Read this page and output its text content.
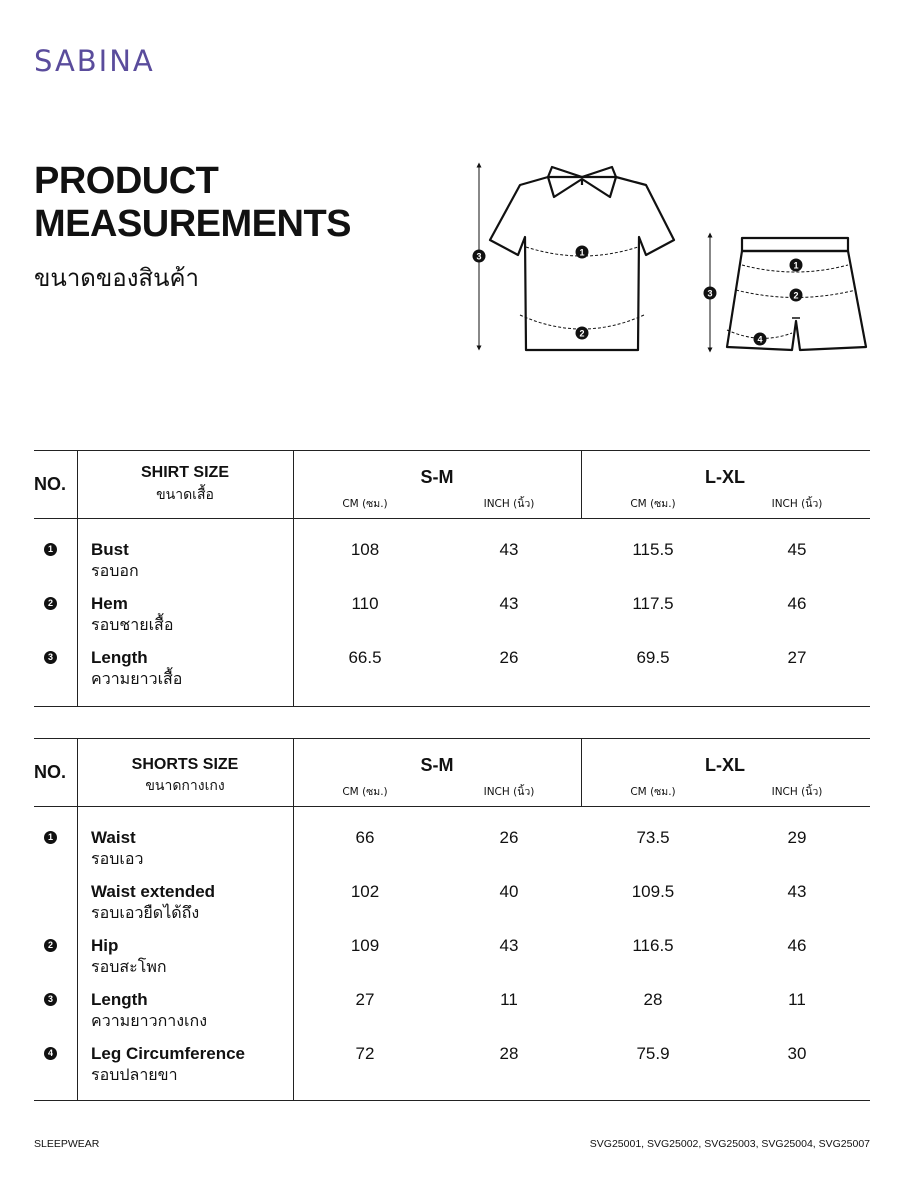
SABINA
PRODUCT
MEASUREMENTS
ขนาดของสินค้า
1
2
3
1
2
3
4
NO.
SHIRT SIZE
ขนาดเสื้อ
S-M	L-XL
CM (ซม.)	INCH (นิ้ว)	CM (ซม.)	INCH (นิ้ว)
1 Bust
รอบอก
108	43	115.5	45
2 Hem
รอบชายเสื้อ
110	43	117.5	46
3 Length
ความยาวเสื้อ
66.5	26	69.5	27
NO.	SHORTS SIZE
ขนาดกางเกง
S-M	L-XL
CM (ซม.)	INCH (นิ้ว)	CM (ซม.)	INCH (นิ้ว)
1 Waist
รอบเอว
66	26	73.5	29
Waist extended
รอบเอวยืดได้ถึง
102	40	109.5	43
2 Hip
รอบสะโพก
109	43	116.5	46
3 Length
ความยาวกางเกง
27	11	28	11
4 Leg Circumference
รอบปลายขา
72	28	75.9	30
SLEEPWEAR	SVG25001, SVG25002, SVG25003, SVG25004, SVG25007
